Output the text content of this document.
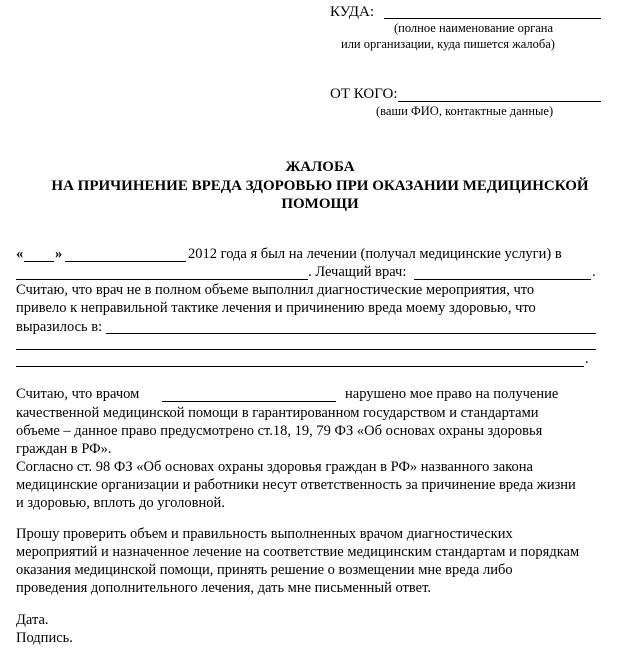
КУДА:
(полное наименование органа
или организации, куда пишется жалоба)
ОТ КОГО:
(ваши ФИО, контактные данные)
ЖАЛОБА
НА ПРИЧИНЕНИЕ ВРЕДА ЗДОРОВЬЮ ПРИ ОКАЗАНИИ МЕДИЦИНСКОЙ
ПОМОЩИ
« »	2012 года я был на лечении (получал медицинские услуги) в
. Лечащий врач:	.
Считаю, что врач не в полном объеме выполнил диагностические мероприятия, что
привело к неправильной тактике лечения и причинению вреда моему здоровью, что
выразилось в:
.
Считаю, что врачом	нарушено мое право на получение
качественной медицинской помощи в гарантированном государством и стандартами
объеме – данное право предусмотрено ст.18, 19, 79 ФЗ «Об основах охраны здоровья
граждан в РФ».
Согласно ст. 98 ФЗ «Об основах охраны здоровья граждан в РФ» названного закона
медицинские организации и работники несут ответственность за причинение вреда жизни
и здоровью, вплоть до уголовной.
Прошу проверить объем и правильность выполненных врачом диагностических
мероприятий и назначенное лечение на соответствие медицинским стандартам и порядкам
оказания медицинской помощи, принять решение о возмещении мне вреда либо
проведения дополнительного лечения, дать мне письменный ответ.
Дата.
Подпись.
